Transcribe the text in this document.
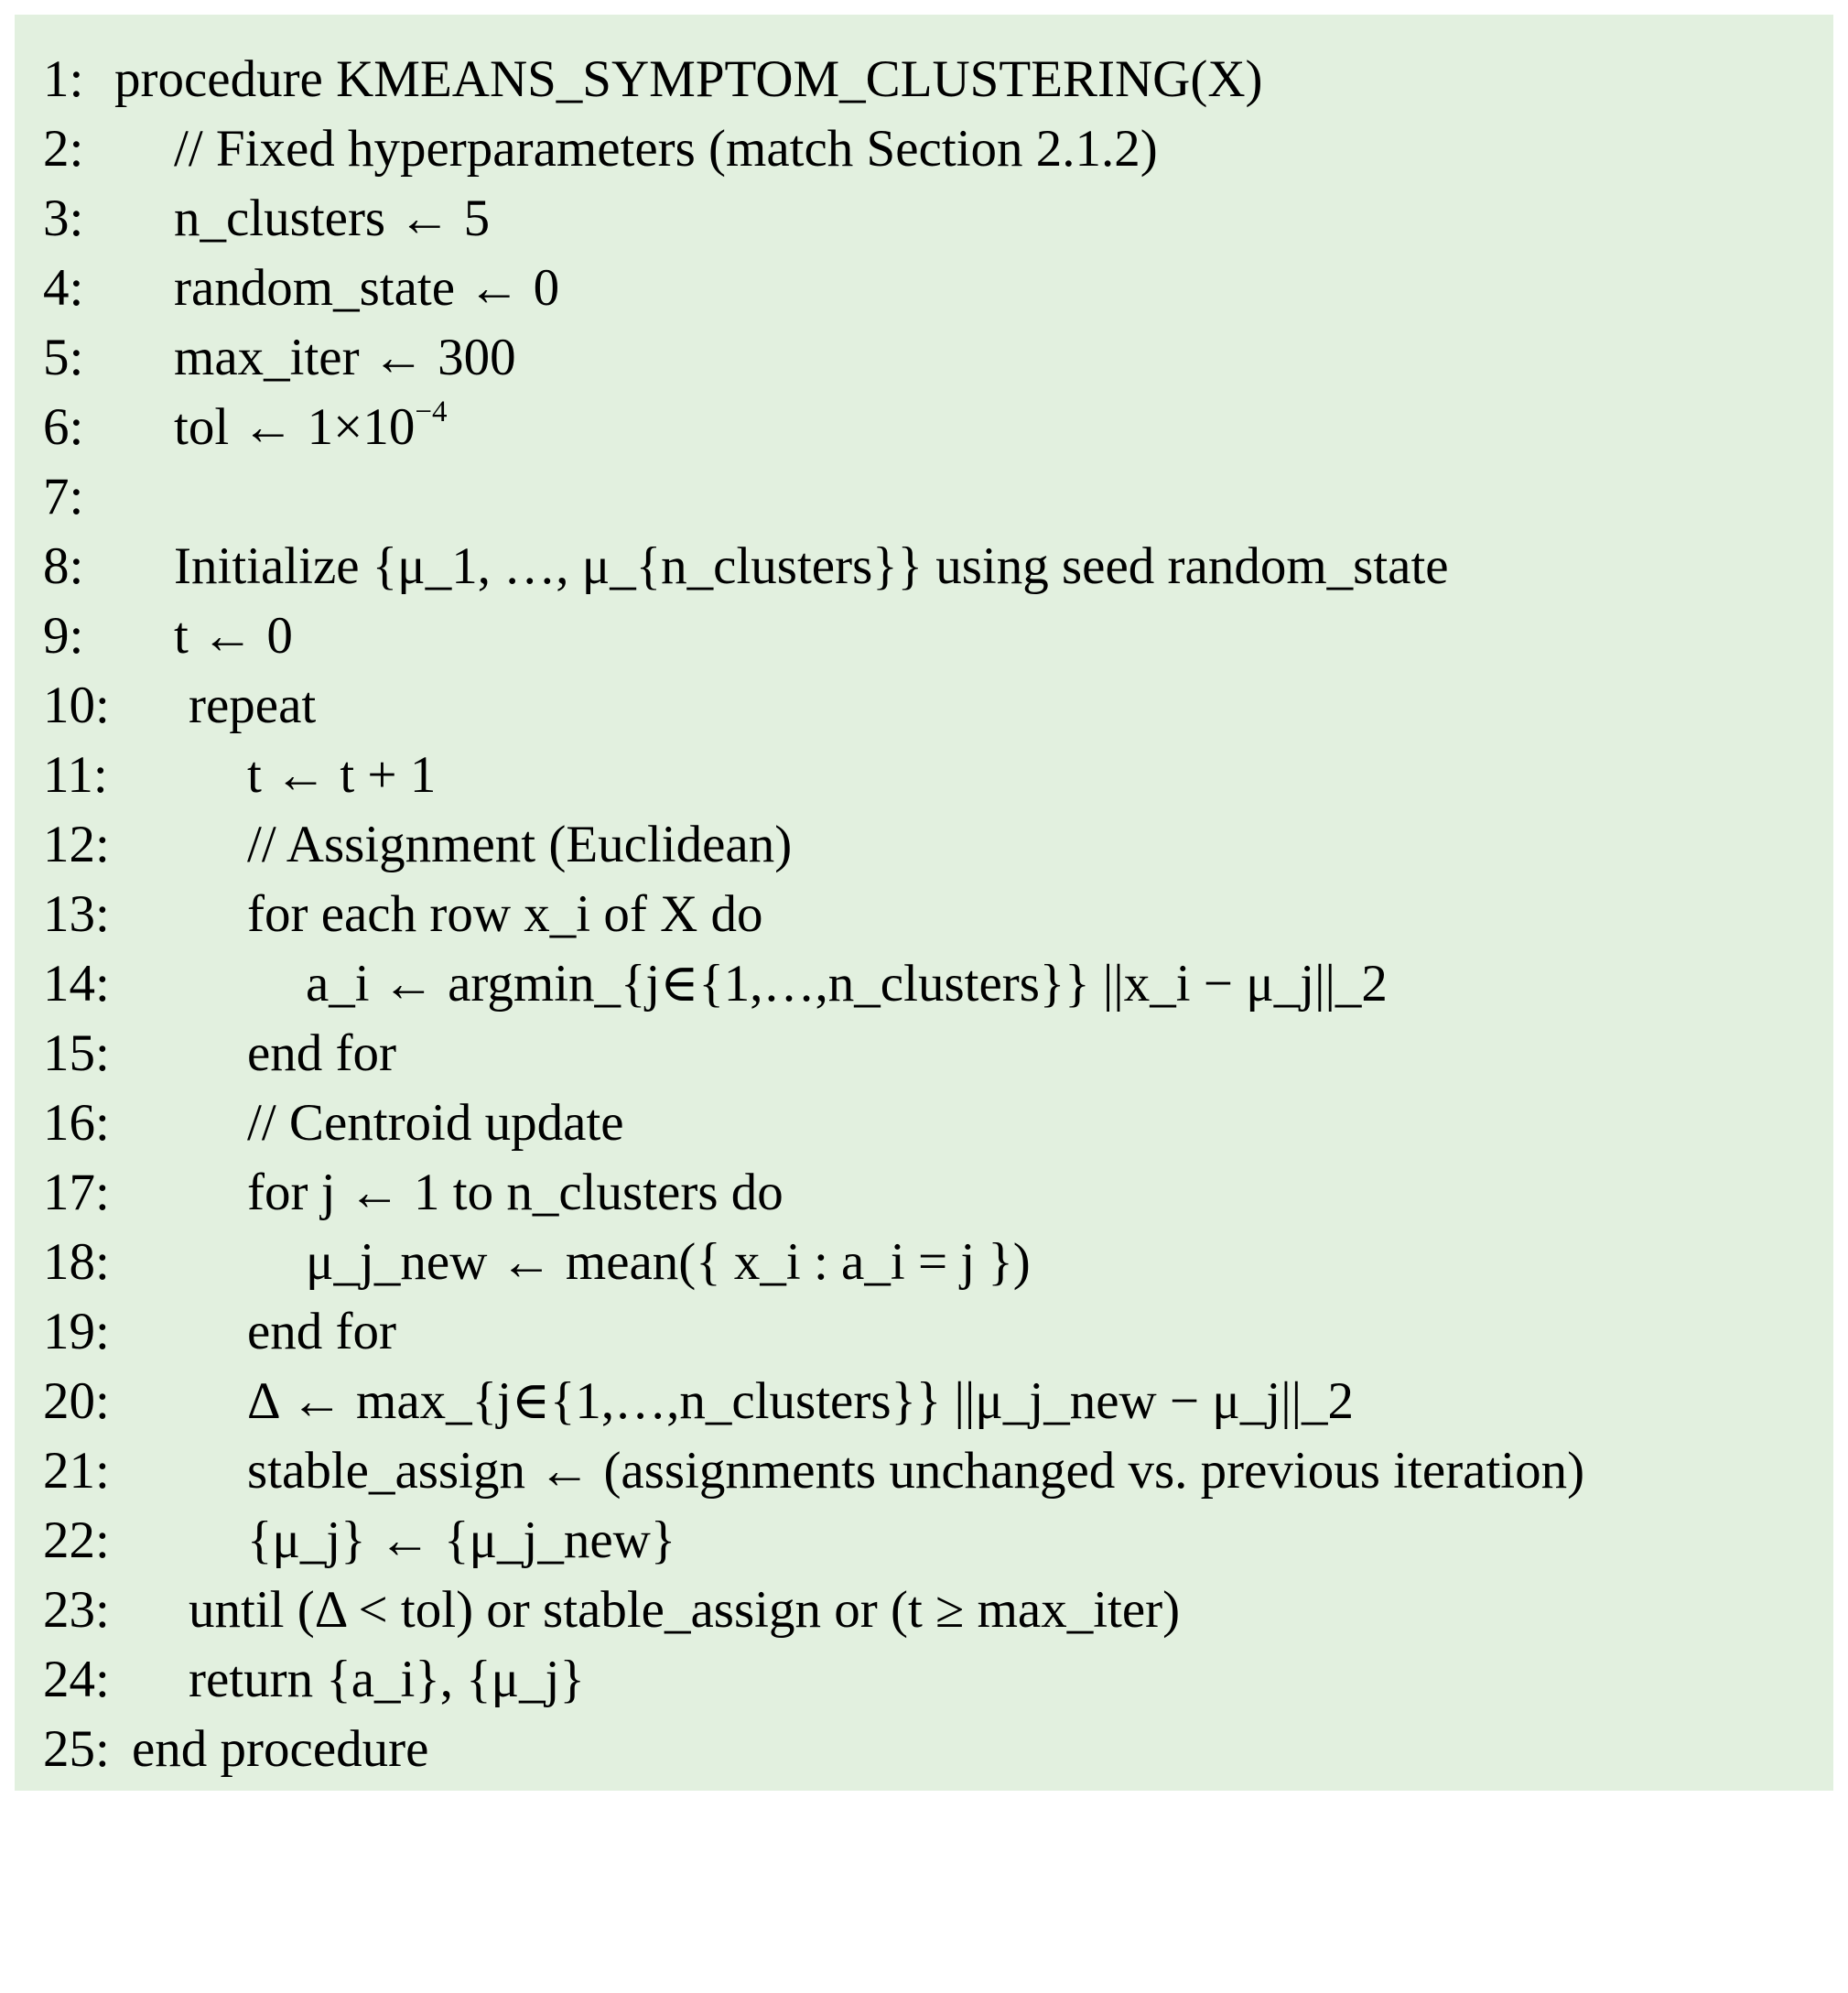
1:

procedure KMEANS_SYMPTOM_CLUSTERING(X)

2:

// Fixed hyperparameters (match Section 2.1.2)

3:

n_clusters ← 5

4:

random_state ← 0

5:

max_iter ← 300

6:

tol ← $1\times 10^{-4}$

7:

8:

Initialize {μ_1, …, μ_{n_clusters}} using seed random_state

9:

t ← 0

10:

repeat

11:

	t ← t + 1

12:

	// Assignment (Euclidean)

13:

	for each row x_i of X do

14:

	a_i ← argmin_{j∈{1,…,n_clusters}} ||x_i − μ_j||_2

15:

	end for

16:

	// Centroid update

17:

	for j ← 1 to n_clusters do

18:

	μ_j_new ← mean({ x_i : a_i = j })

19:

	end for

20:

	Δ ← max_{j∈{1,…,n_clusters}} ||μ_j_new − μ_j||_2

21:

	stable_assign ← (assignments unchanged vs. previous iteration)

22:

	{μ_j} ← {μ_j_new}

23:

until (Δ < tol) or stable_assign or (t ≥ max_iter)

24:

return {a_i}, {μ_j}

25:

end procedure
